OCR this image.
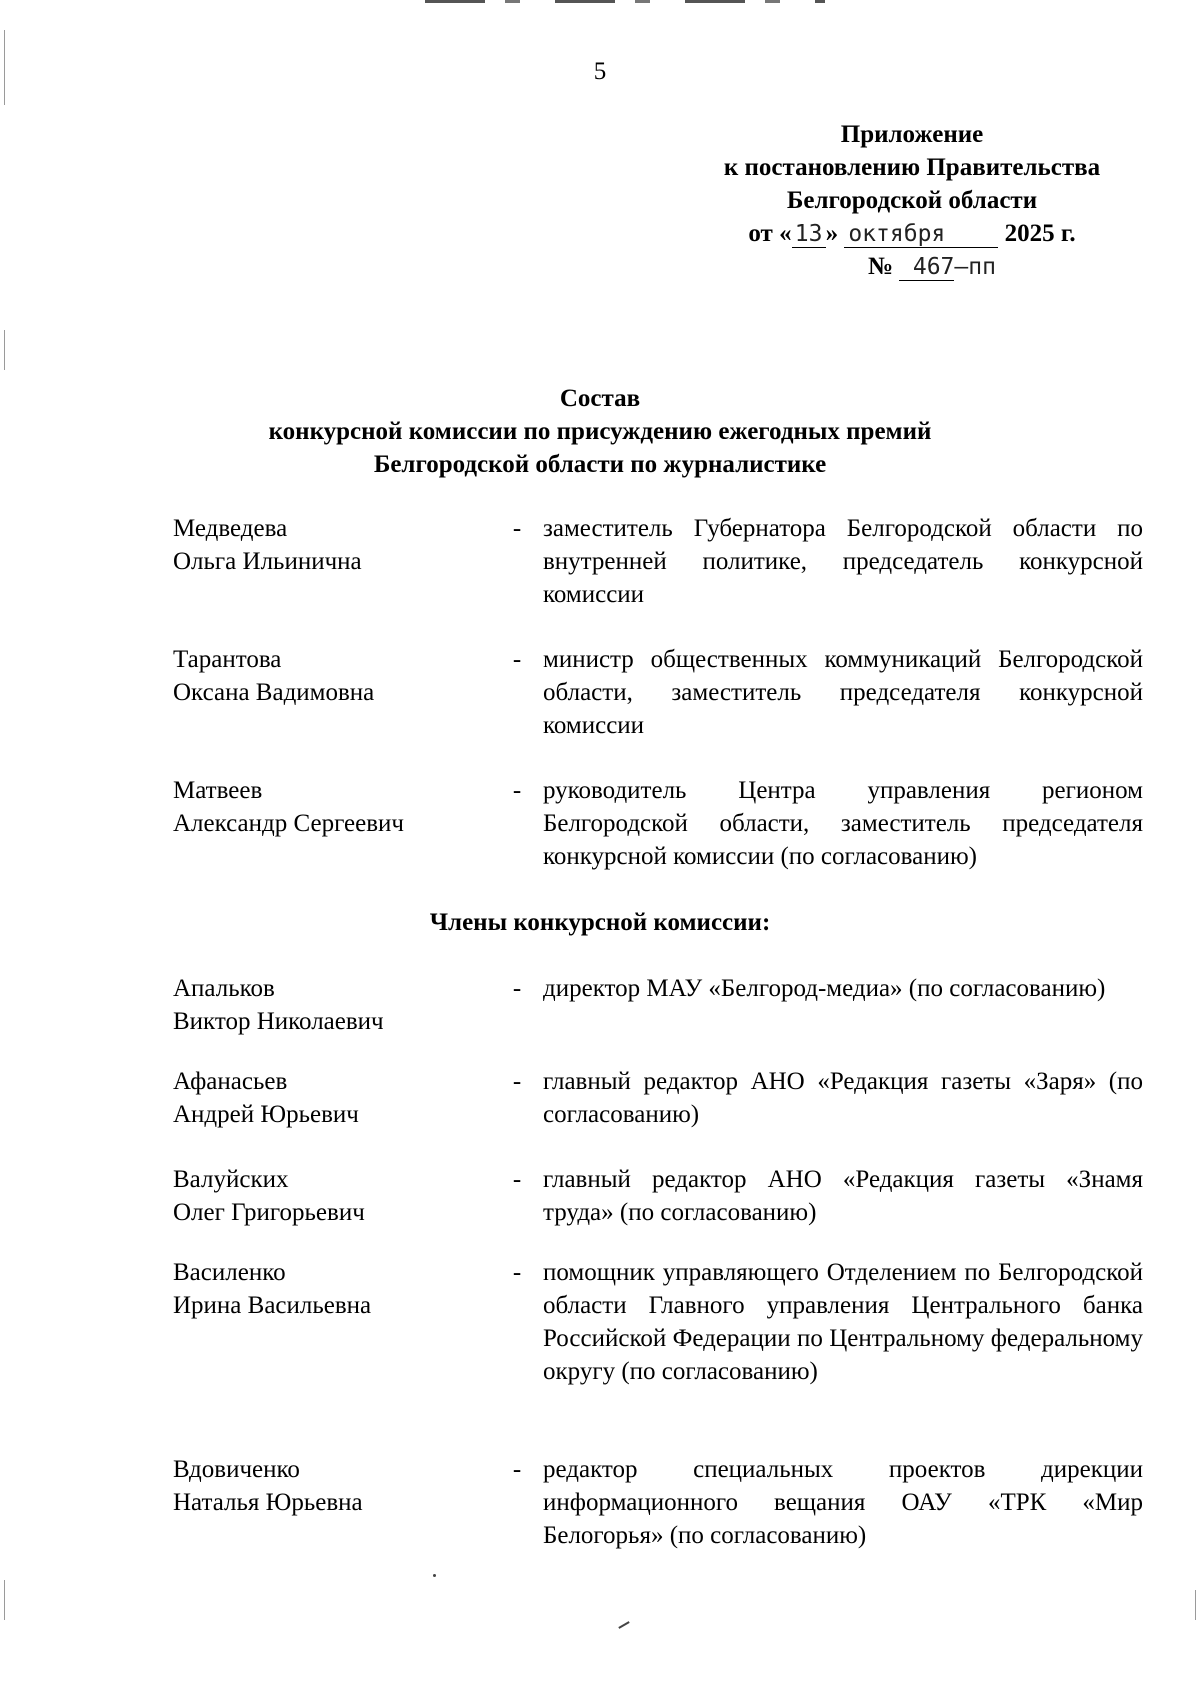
5
Приложение
к постановлению Правительства
Белгородской области
от « 13 » октября 2025 г.
№ 467–пп
Состав
конкурсной комиссии по присуждению ежегодных премий
Белгородской области по журналистике
Медведева
Ольга Ильинична
- заместитель Губернатора Белгородской области по внутренней политике, председатель конкурсной комиссии
Тарантова
Оксана Вадимовна
- министр общественных коммуникаций Белгородской области, заместитель председателя конкурсной комиссии
Матвеев
Александр Сергеевич
- руководитель Центра управления регионом Белгородской области, заместитель председателя конкурсной комиссии (по согласованию)
Члены конкурсной комиссии:
Апальков
Виктор Николаевич
- директор МАУ «Белгород-медиа» (по согласованию)
Афанасьев
Андрей Юрьевич
- главный редактор АНО «Редакция газеты «Заря» (по согласованию)
Валуйских
Олег Григорьевич
- главный редактор АНО «Редакция газеты «Знамя труда» (по согласованию)
Василенко
Ирина Васильевна
- помощник управляющего Отделением по Белгородской области Главного управления Центрального банка Российской Федерации по Центральному федеральному округу (по согласованию)
Вдовиченко
Наталья Юрьевна
- редактор специальных проектов дирекции информационного вещания ОАУ «ТРК «Мир Белогорья» (по согласованию)
